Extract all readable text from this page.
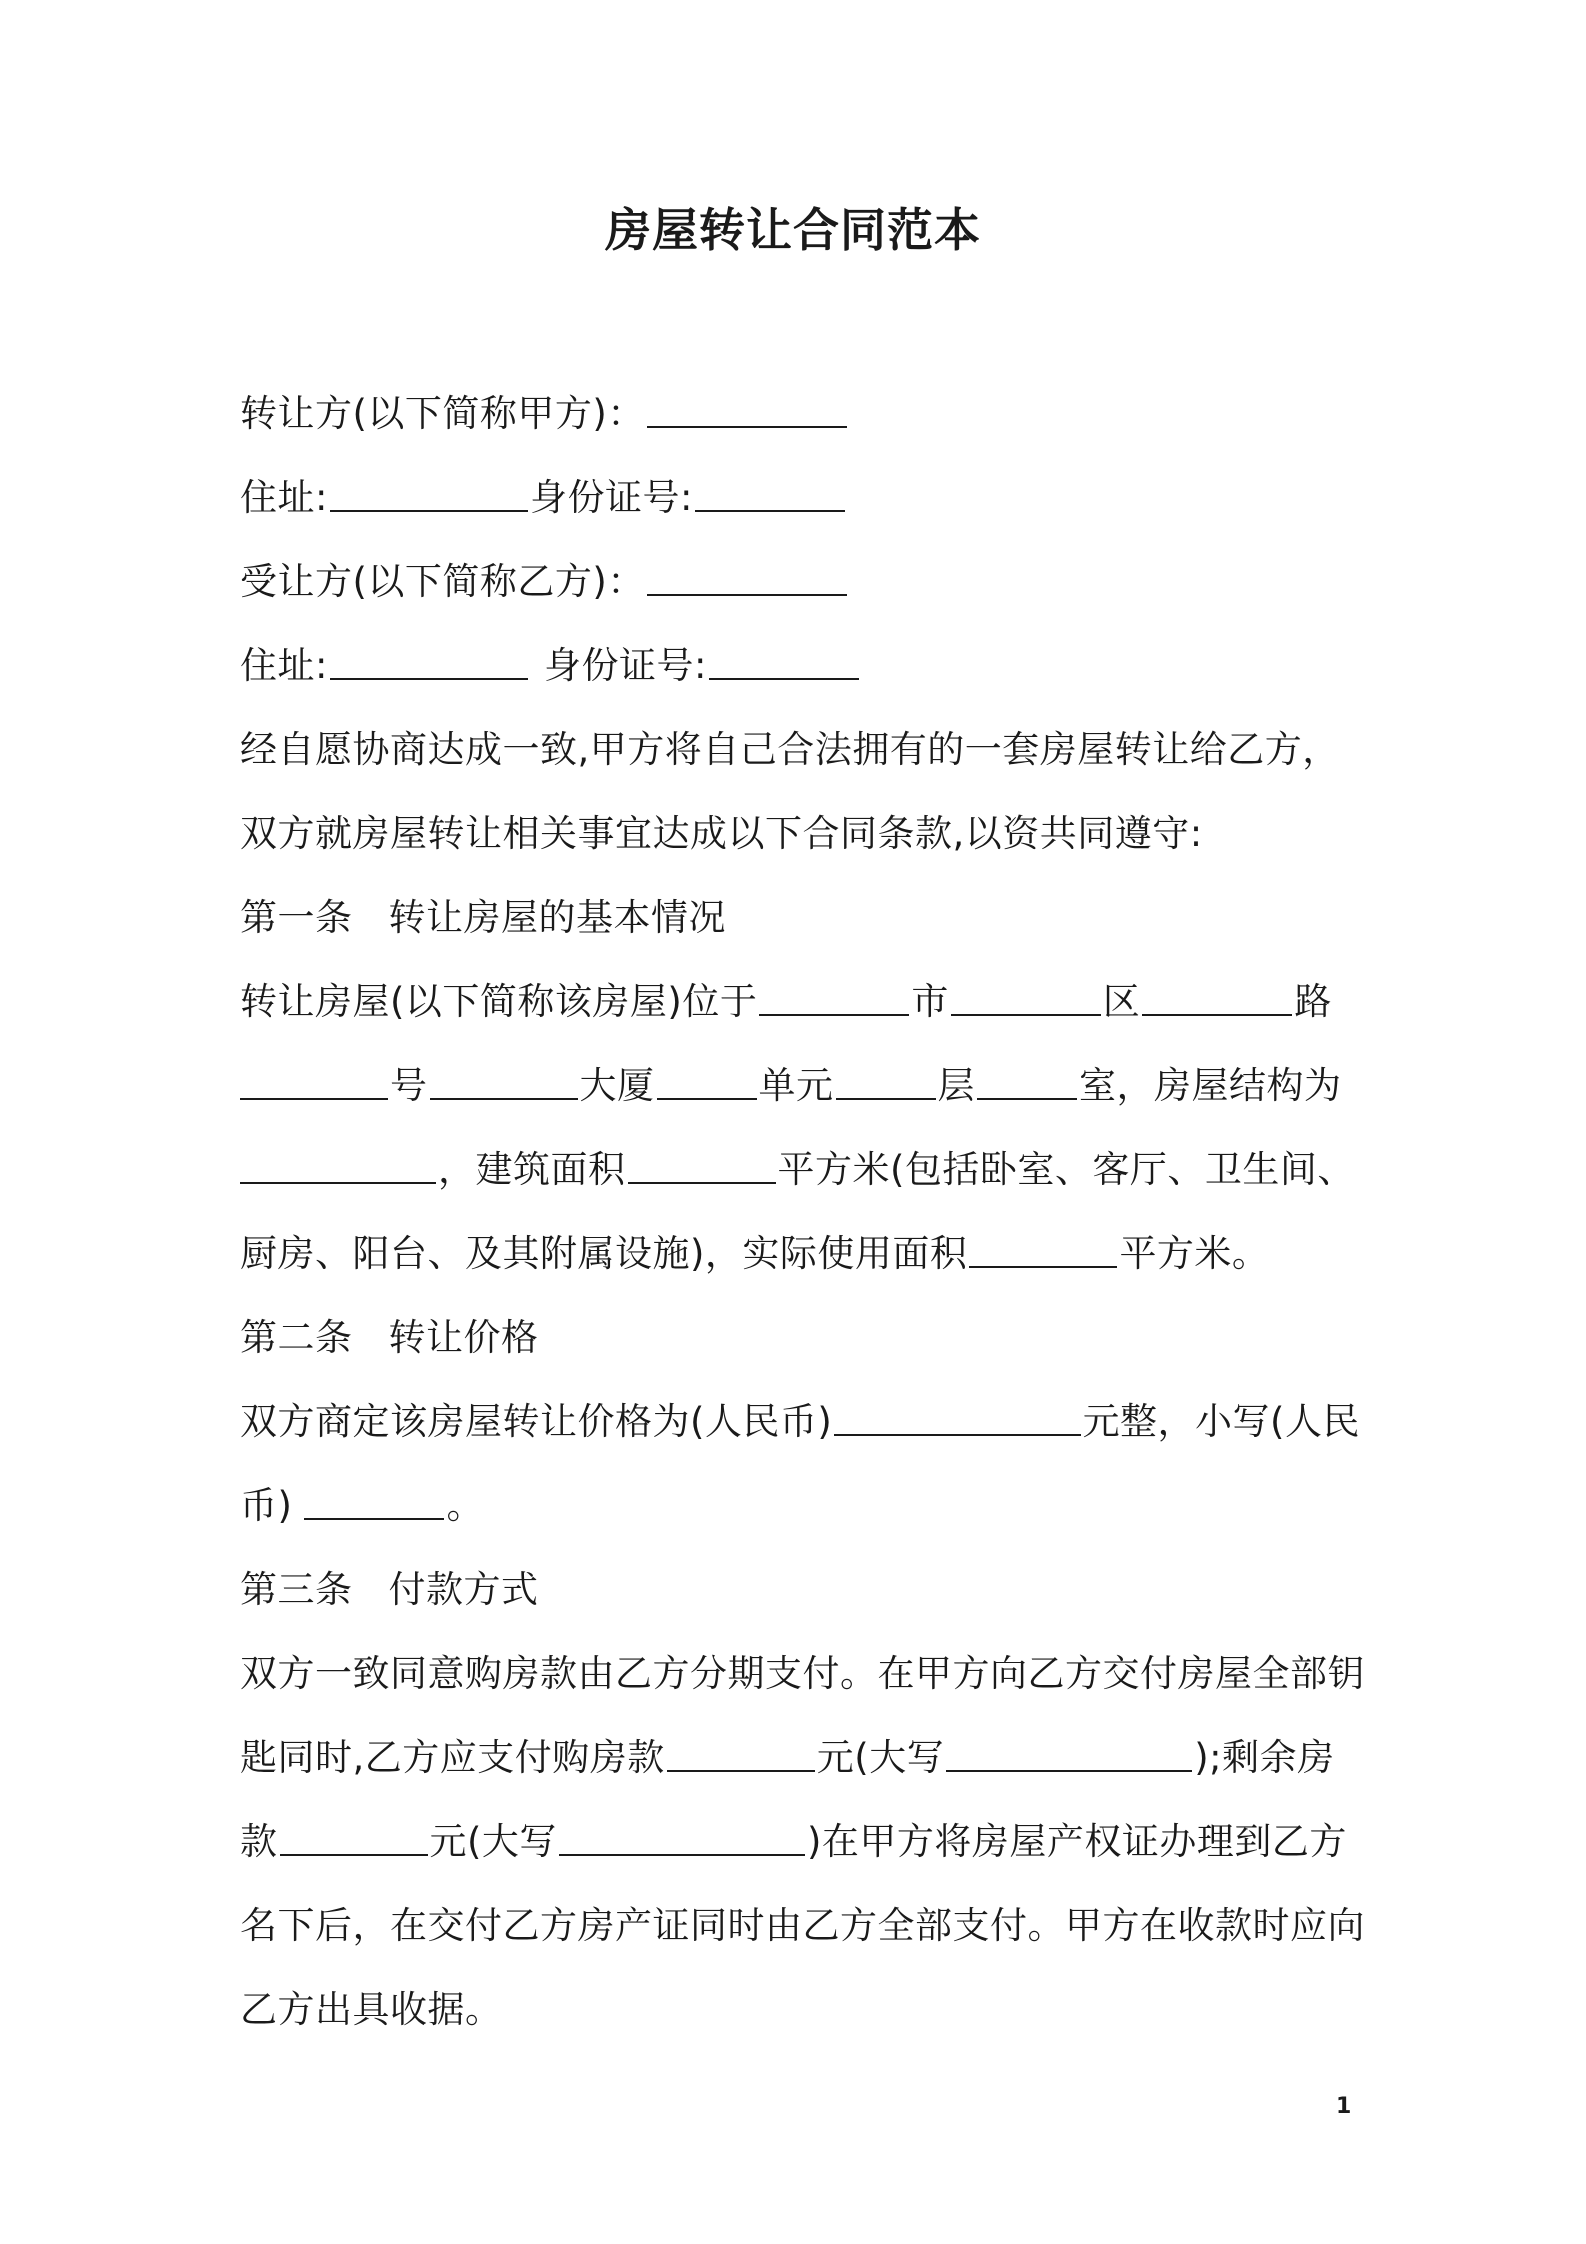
房屋转让合同范本
转让方(以下简称甲方)：
住址:	身份证号:
受让方(以下简称乙方)：
住址:	身份证号:
经自愿协商达成一致,甲方将自己合法拥有的一套房屋转让给乙方，
双方就房屋转让相关事宜达成以下合同条款,以资共同遵守:
第一条 转让房屋的基本情况
转让房屋(以下简称该房屋)位于	市	区	路
号	大厦	单元	层	室，房屋结构为
，建筑面积	平方米(包括卧室、客厅、卫生间、
厨房、阳台、及其附属设施)，实际使用面积	平方米。
第二条 转让价格
双方商定该房屋转让价格为(人民币)	元整，小写(人民
币)	。
第三条 付款方式
双方一致同意购房款由乙方分期支付。在甲方向乙方交付房屋全部钥
匙同时,乙方应支付购房款	元(大写	);剩余房
款	元(大写	)在甲方将房屋产权证办理到乙方
名下后，在交付乙方房产证同时由乙方全部支付。甲方在收款时应向
乙方出具收据。
1
